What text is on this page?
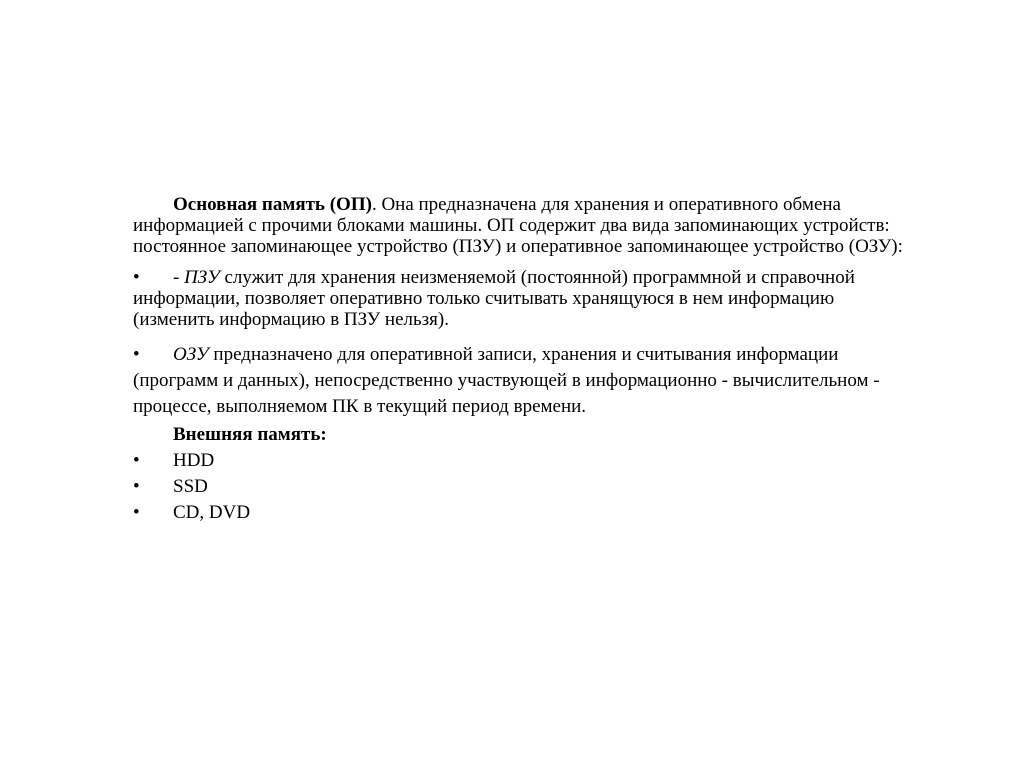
Основная память (ОП). Она предназначена для хранения и оперативного обмена информацией с прочими блоками машины. ОП содержит два вида запоминающих устройств: постоянное запоминающее устройство (ПЗУ) и оперативное запоминающее устройство (ОЗУ):

• - ПЗУ служит для хранения неизменяемой (постоянной) программной и справочной информации, позволяет оперативно только считывать хранящуюся в нем информацию (изменить информацию в ПЗУ нельзя).

• ОЗУ предназначено для оперативной записи, хранения и считывания информации (программ и данных), непосредственно участвующей в информационно - вычислительном - процессе, выполняемом ПК в текущий период времени.

Внешняя память:

• HDD

• SSD

• CD, DVD
